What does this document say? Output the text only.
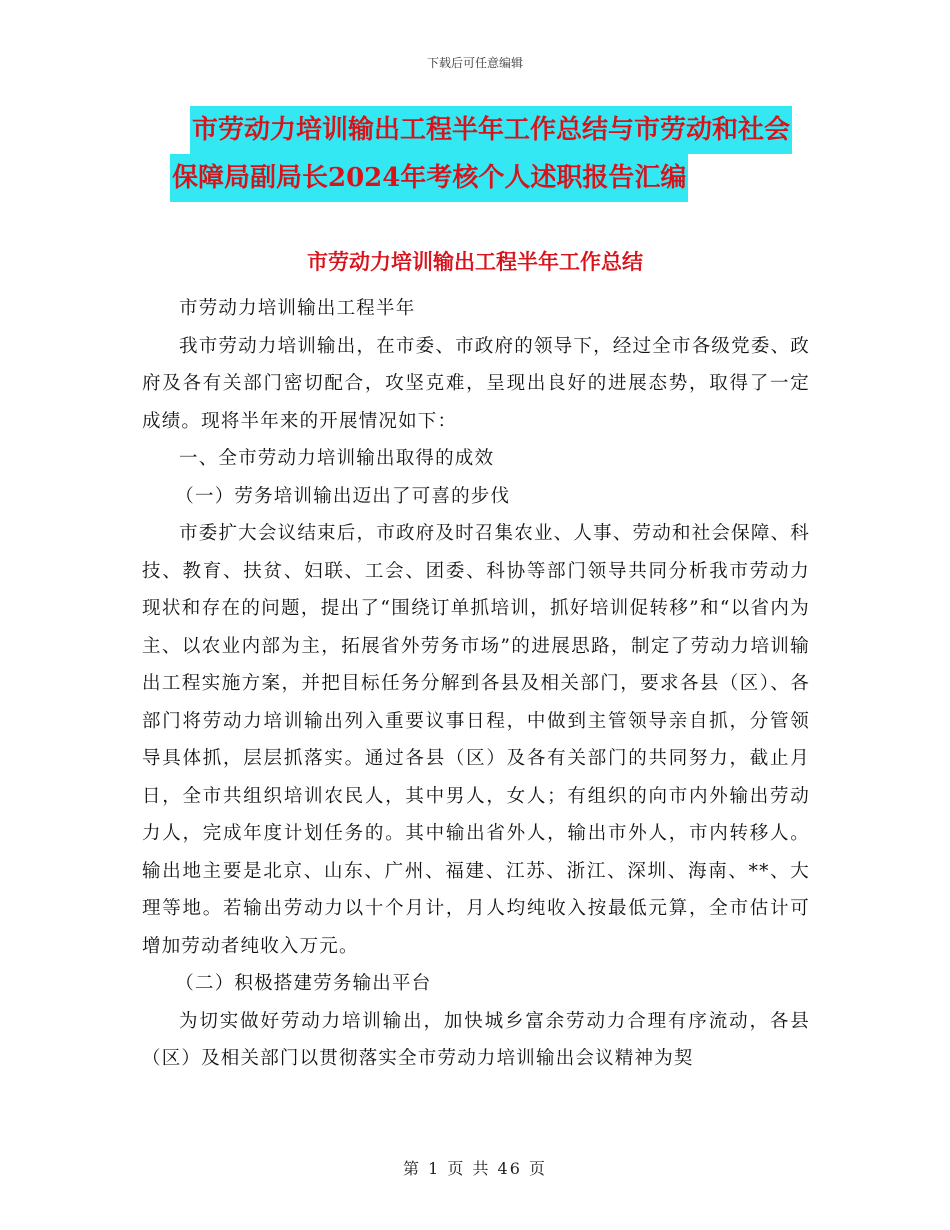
下载后可任意编辑
市劳动力培训输出工程半年工作总结与市劳动和社会
保障局副局长2024年考核个人述职报告汇编
市劳动力培训输出工程半年工作总结

市劳动力培训输出工程半年

我市劳动力培训输出，在市委、市政府的领导下，经过全市各级党委、政府及各有关部门密切配合，攻坚克难，呈现出良好的进展态势，取得了一定成绩。现将半年来的开展情况如下：

一、全市劳动力培训输出取得的成效

（一）劳务培训输出迈出了可喜的步伐

市委扩大会议结束后，市政府及时召集农业、人事、劳动和社会保障、科技、教育、扶贫、妇联、工会、团委、科协等部门领导共同分析我市劳动力现状和存在的问题，提出了“围绕订单抓培训，抓好培训促转移”和“以省内为主、以农业内部为主，拓展省外劳务市场”的进展思路，制定了劳动力培训输出工程实施方案，并把目标任务分解到各县及相关部门，要求各县（区）、各部门将劳动力培训输出列入重要议事日程，中做到主管领导亲自抓，分管领导具体抓，层层抓落实。通过各县（区）及各有关部门的共同努力，截止月日，全市共组织培训农民人，其中男人，女人；有组织的向市内外输出劳动力人，完成年度计划任务的。其中输出省外人，输出市外人，市内转移人。输出地主要是北京、山东、广州、福建、江苏、浙江、深圳、海南、**、大理等地。若输出劳动力以十个月计，月人均纯收入按最低元算，全市估计可增加劳动者纯收入万元。

（二）积极搭建劳务输出平台

为切实做好劳动力培训输出，加快城乡富余劳动力合理有序流动，各县（区）及相关部门以贯彻落实全市劳动力培训输出会议精神为契

第 1 页 共 46 页
